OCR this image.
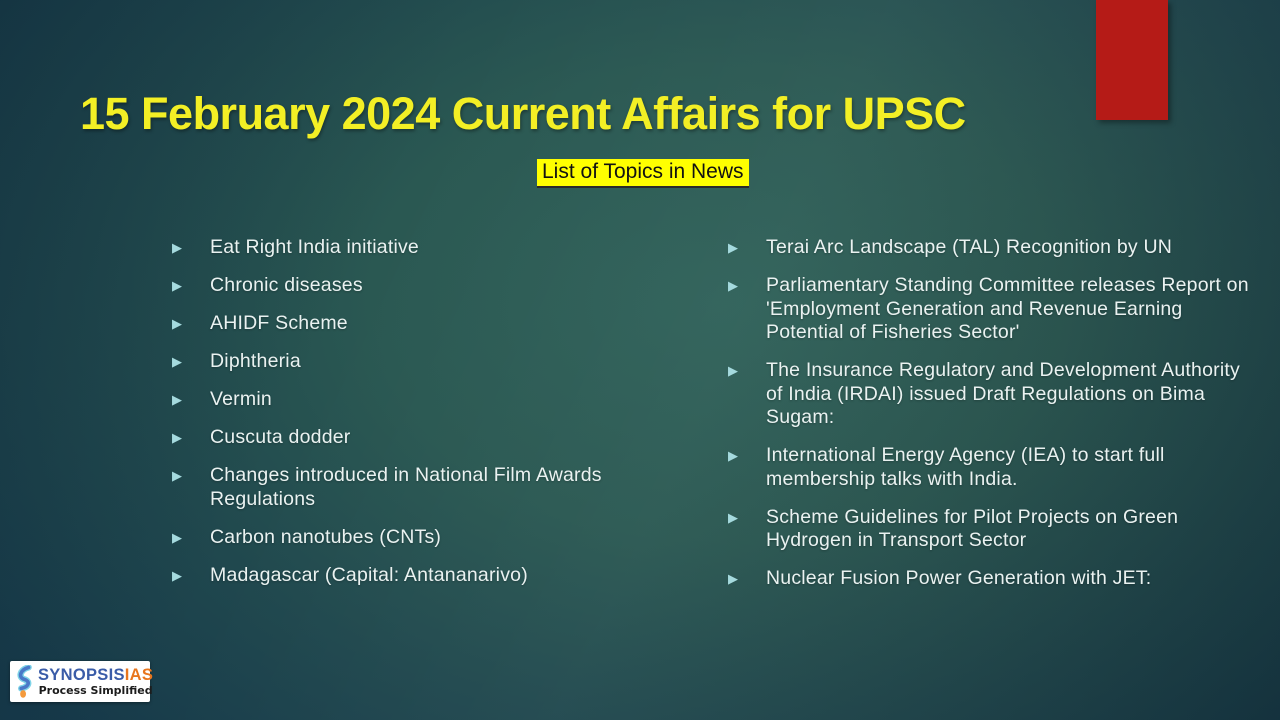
15 February 2024 Current Affairs for UPSC
List of Topics in News
▶ Eat Right India initiative
▶ Chronic diseases
▶ AHIDF Scheme
▶ Diphtheria
▶ Vermin
▶ Cuscuta dodder
▶ Changes introduced in National Film Awards Regulations
▶ Carbon nanotubes (CNTs)
▶ Madagascar (Capital: Antananarivo)
▶ Terai Arc Landscape (TAL) Recognition by UN
▶ Parliamentary Standing Committee releases Report on 'Employment Generation and Revenue Earning Potential of Fisheries Sector'
▶ The Insurance Regulatory and Development Authority of India (IRDAI) issued Draft Regulations on Bima Sugam:
▶ International Energy Agency (IEA) to start full membership talks with India.
▶ Scheme Guidelines for Pilot Projects on Green Hydrogen in Transport Sector
▶ Nuclear Fusion Power Generation with JET:
SYNOPSISIAS
Process Simplified
